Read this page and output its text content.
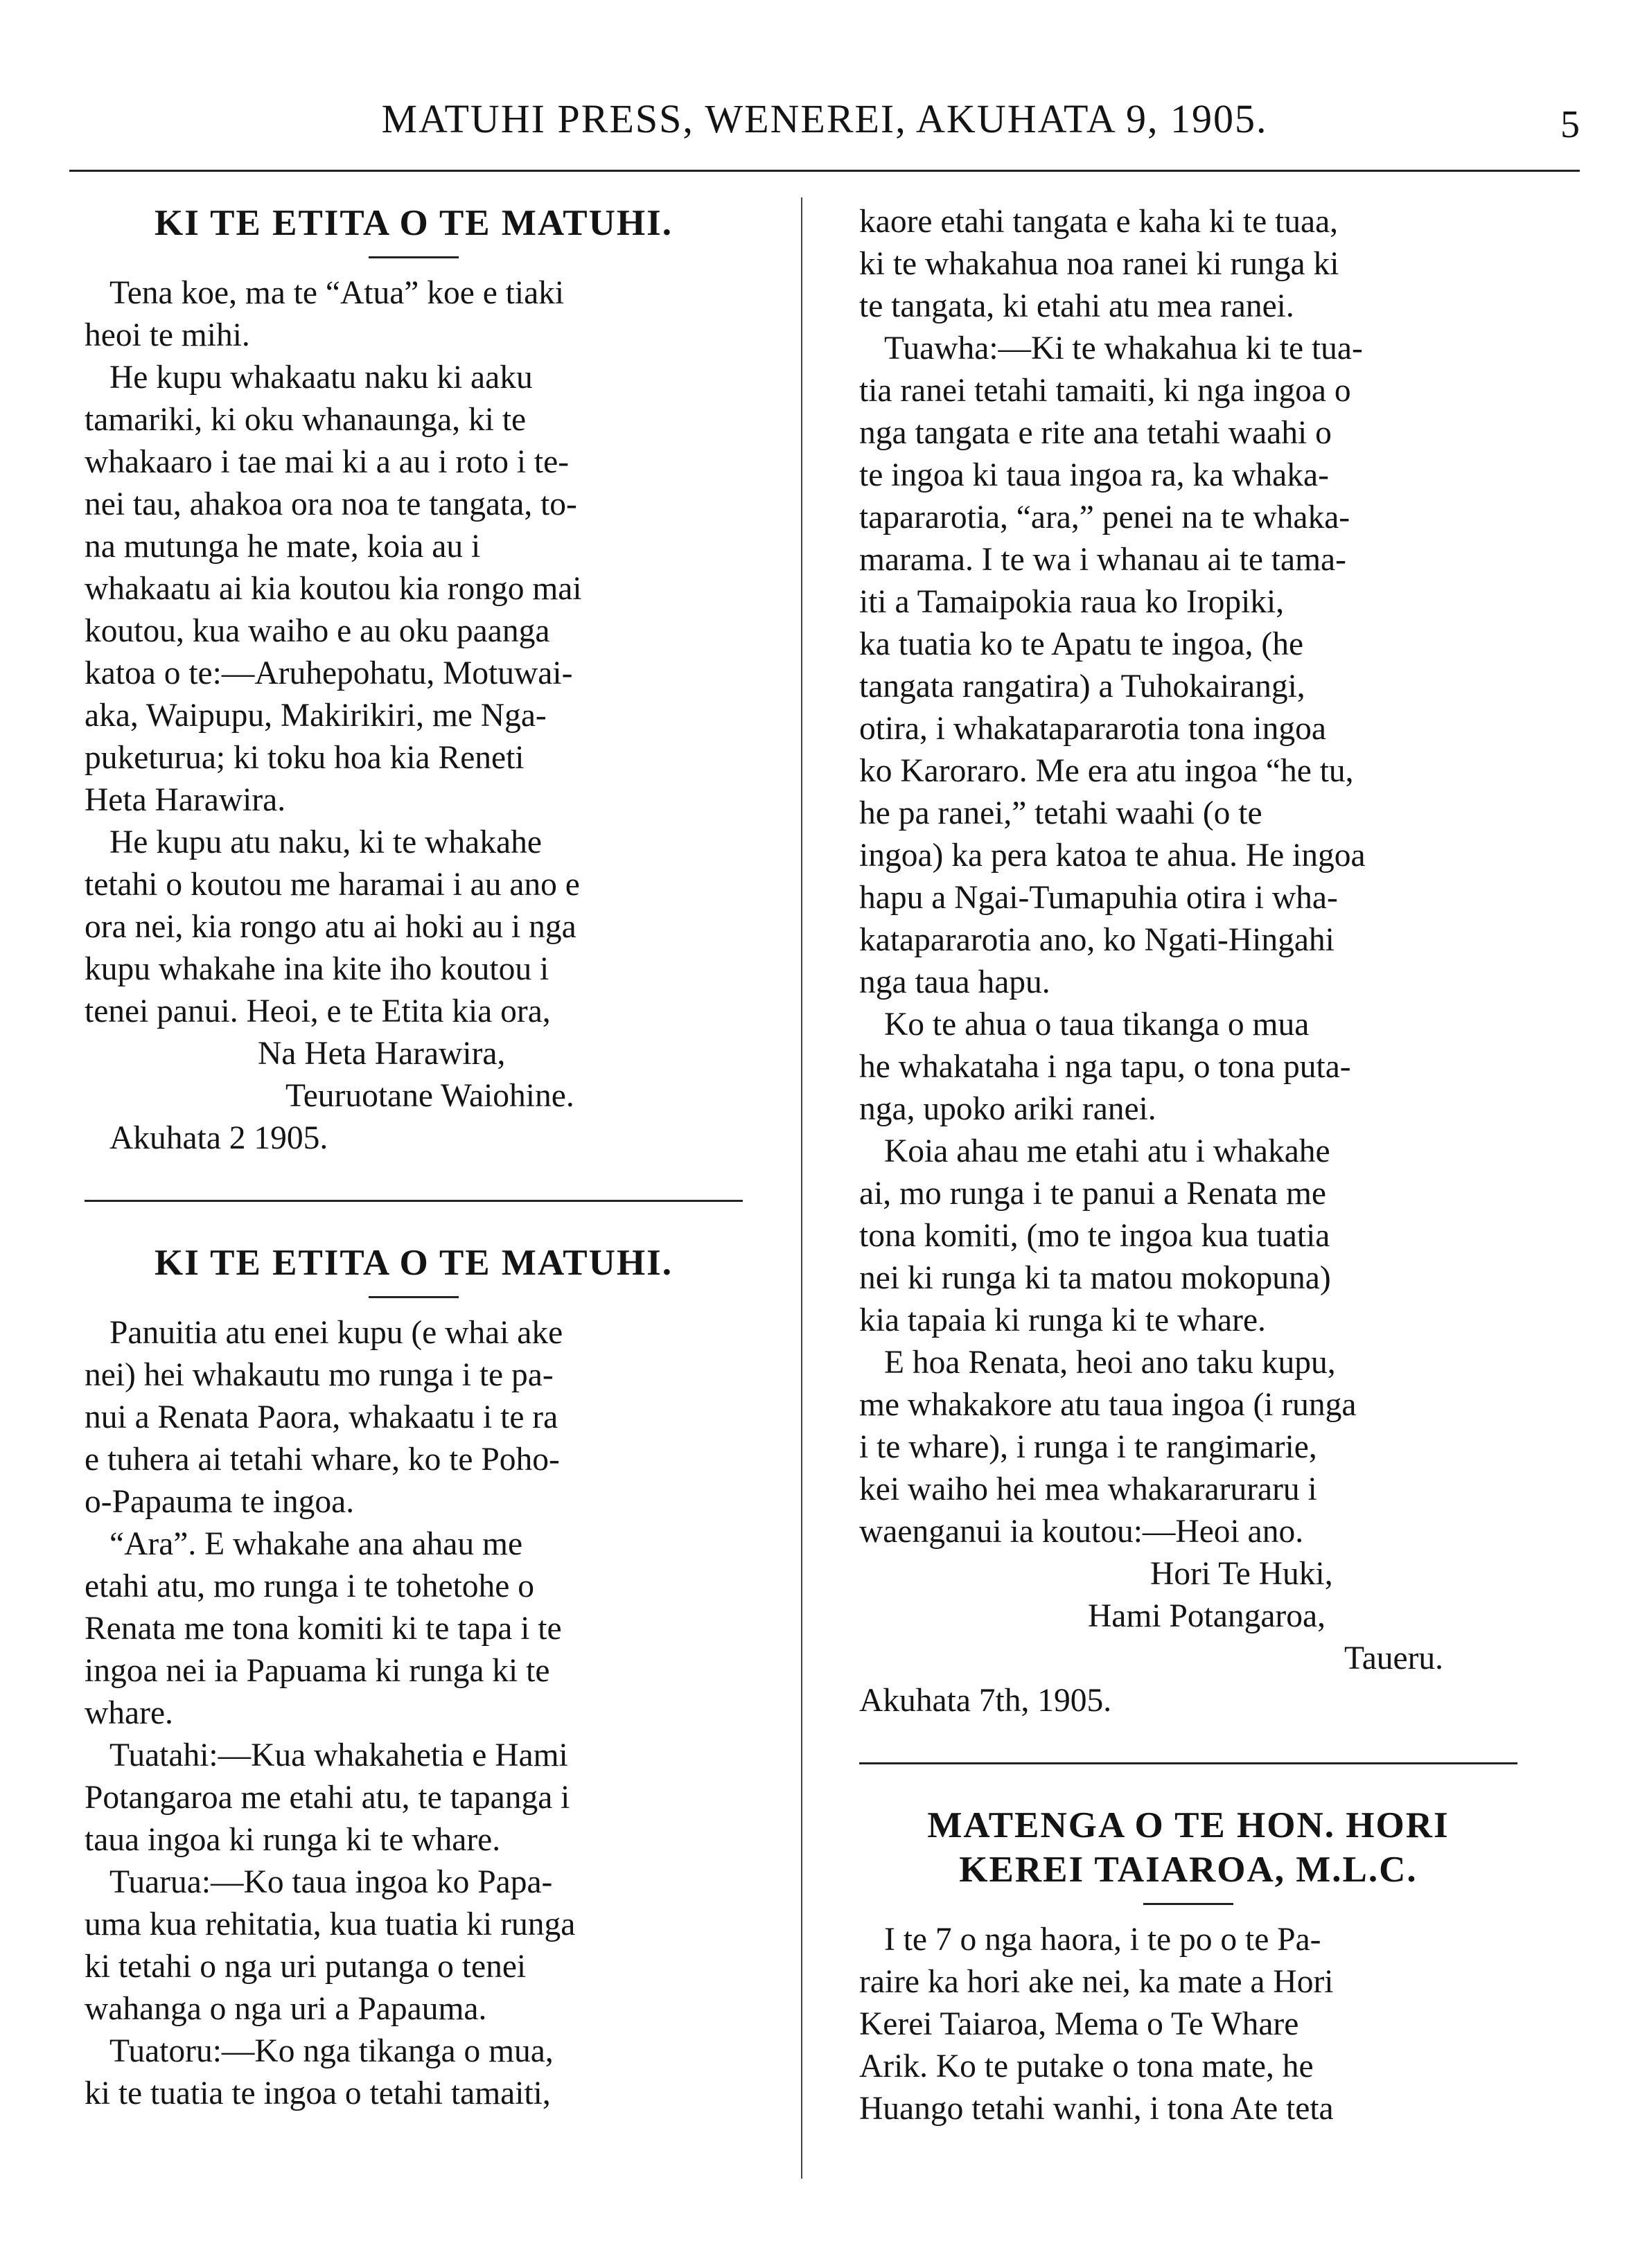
MATUHI PRESS, WENEREI, AKUHATA 9, 1905.	5
KI TE ETITA O TE MATUHI.

Tena koe, ma te “Atua” koe e tiaki
heoi te mihi.

He kupu whakaatu naku ki aaku
tamariki, ki oku whanaunga, ki te
whakaaro i tae mai ki a au i roto i te-
nei tau, ahakoa ora noa te tangata, to-
na mutunga he mate, koia au i
whakaatu ai kia koutou kia rongo mai
koutou, kua waiho e au oku paanga
katoa o te:—Aruhepohatu, Motuwai-
aka, Waipupu, Makirikiri, me Nga-
puketurua; ki toku hoa kia Reneti
Heta Harawira.

He kupu atu naku, ki te whakahe
tetahi o koutou me haramai i au ano e
ora nei, kia rongo atu ai hoki au i nga
kupu whakahe ina kite iho koutou i
tenei panui. Heoi, e te Etita kia ora,

Na Heta Harawira,

Teuruotane Waiohine.

Akuhata 2 1905.

KI TE ETITA O TE MATUHI.

Panuitia atu enei kupu (e whai ake
nei) hei whakautu mo runga i te pa-
nui a Renata Paora, whakaatu i te ra
e tuhera ai tetahi whare, ko te Poho-
o-Papauma te ingoa.

“Ara”. E whakahe ana ahau me
etahi atu, mo runga i te tohetohe o
Renata me tona komiti ki te tapa i te
ingoa nei ia Papuama ki runga ki te
whare.

Tuatahi:—Kua whakahetia e Hami
Potangaroa me etahi atu, te tapanga i
taua ingoa ki runga ki te whare.

Tuarua:—Ko taua ingoa ko Papa-
uma kua rehitatia, kua tuatia ki runga
ki tetahi o nga uri putanga o tenei
wahanga o nga uri a Papauma.

Tuatoru:—Ko nga tikanga o mua,
ki te tuatia te ingoa o tetahi tamaiti,

kaore etahi tangata e kaha ki te tuaa,
ki te whakahua noa ranei ki runga ki
te tangata, ki etahi atu mea ranei.

Tuawha:—Ki te whakahua ki te tua-
tia ranei tetahi tamaiti, ki nga ingoa o
nga tangata e rite ana tetahi waahi o
te ingoa ki taua ingoa ra, ka whaka-
tapararotia, “ara,” penei na te whaka-
marama. I te wa i whanau ai te tama-
iti a Tamaipokia raua ko Iropiki,
ka tuatia ko te Apatu te ingoa, (he
tangata rangatira) a Tuhokairangi,
otira, i whakatapararotia tona ingoa
ko Karoraro. Me era atu ingoa “he tu,
he pa ranei,” tetahi waahi (o te
ingoa) ka pera katoa te ahua. He ingoa
hapu a Ngai-Tumapuhia otira i wha-
katapararotia ano, ko Ngati-Hingahi
nga taua hapu.

Ko te ahua o taua tikanga o mua
he whakataha i nga tapu, o tona puta-
nga, upoko ariki ranei.

Koia ahau me etahi atu i whakahe
ai, mo runga i te panui a Renata me
tona komiti, (mo te ingoa kua tuatia
nei ki runga ki ta matou mokopuna)
kia tapaia ki runga ki te whare.

E hoa Renata, heoi ano taku kupu,
me whakakore atu taua ingoa (i runga
i te whare), i runga i te rangimarie,
kei waiho hei mea whakararuraru i
waenganui ia koutou:—Heoi ano.

Hori Te Huki,

Hami Potangaroa,

Taueru.

Akuhata 7th, 1905.

MATENGA O TE HON. HORI
KEREI TAIAROA, M.L.C.

I te 7 o nga haora, i te po o te Pa-
raire ka hori ake nei, ka mate a Hori
Kerei Taiaroa, Mema o Te Whare
Arik. Ko te putake o tona mate, he
Huango tetahi wanhi, i tona Ate teta
